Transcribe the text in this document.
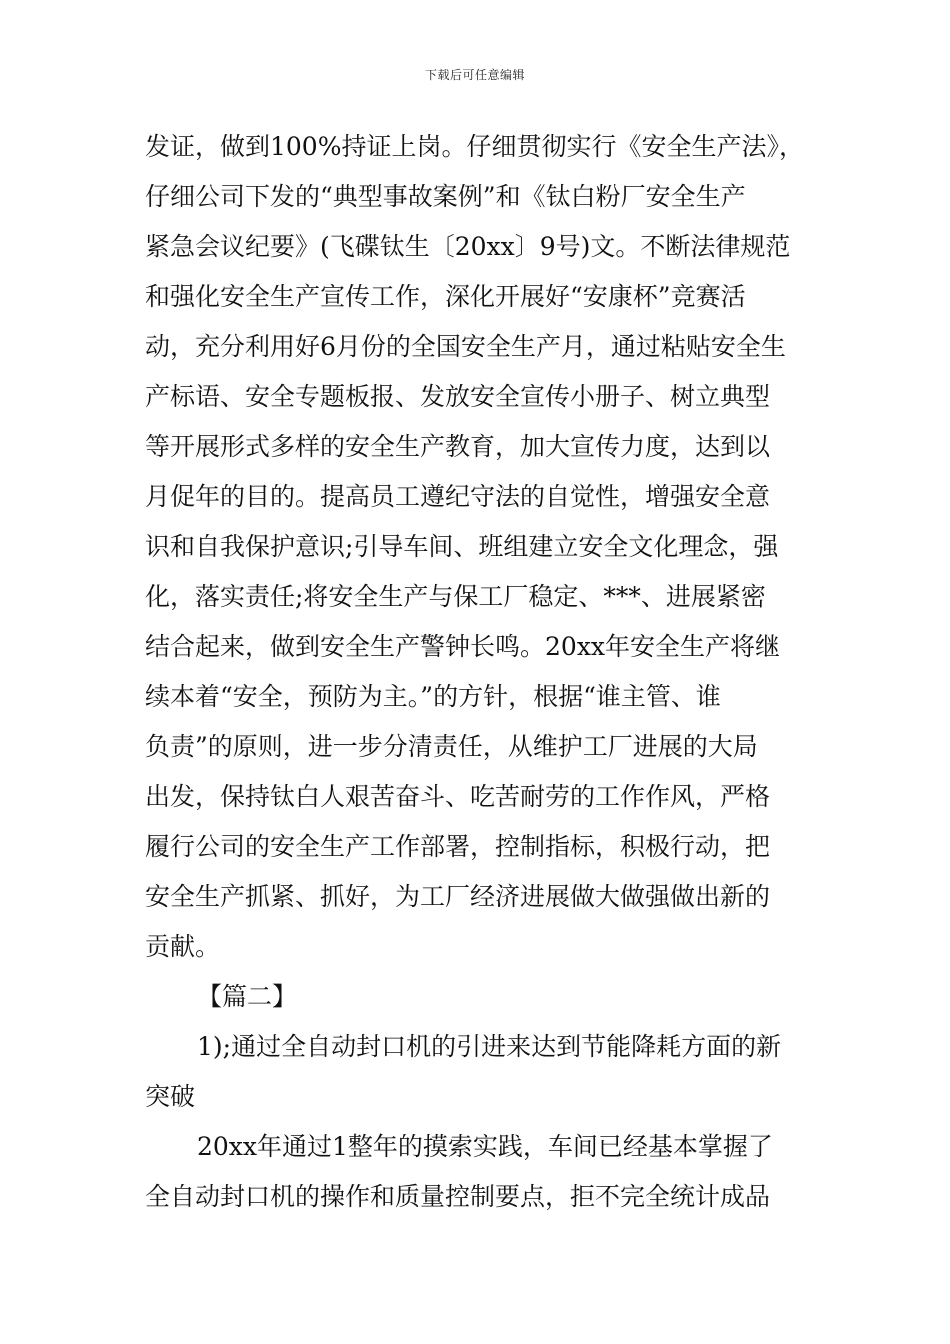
下载后可任意编辑
发证，做到100%持证上岗。仔细贯彻实行《安全生产法》，
仔细公司下发的“典型事故案例”和《钛白粉厂安全生产
紧急会议纪要》(飞碟钛生〔20xx〕9号)文。不断法律规范
和强化安全生产宣传工作，深化开展好“安康杯”竞赛活
动，充分利用好6月份的全国安全生产月，通过粘贴安全生
产标语、安全专题板报、发放安全宣传小册子、树立典型
等开展形式多样的安全生产教育，加大宣传力度，达到以
月促年的目的。提高员工遵纪守法的自觉性，增强安全意
识和自我保护意识;引导车间、班组建立安全文化理念，强
化，落实责任;将安全生产与保工厂稳定、***、进展紧密
结合起来，做到安全生产警钟长鸣。20xx年安全生产将继
续本着“安全，预防为主。”的方针，根据“谁主管、谁
负责”的原则，进一步分清责任，从维护工厂进展的大局
出发，保持钛白人艰苦奋斗、吃苦耐劳的工作作风，严格
履行公司的安全生产工作部署，控制指标，积极行动，把
安全生产抓紧、抓好，为工厂经济进展做大做强做出新的
贡献。
【篇二】
1);通过全自动封口机的引进来达到节能降耗方面的新
突破
20xx年通过1整年的摸索实践，车间已经基本掌握了
全自动封口机的操作和质量控制要点，拒不完全统计成品
